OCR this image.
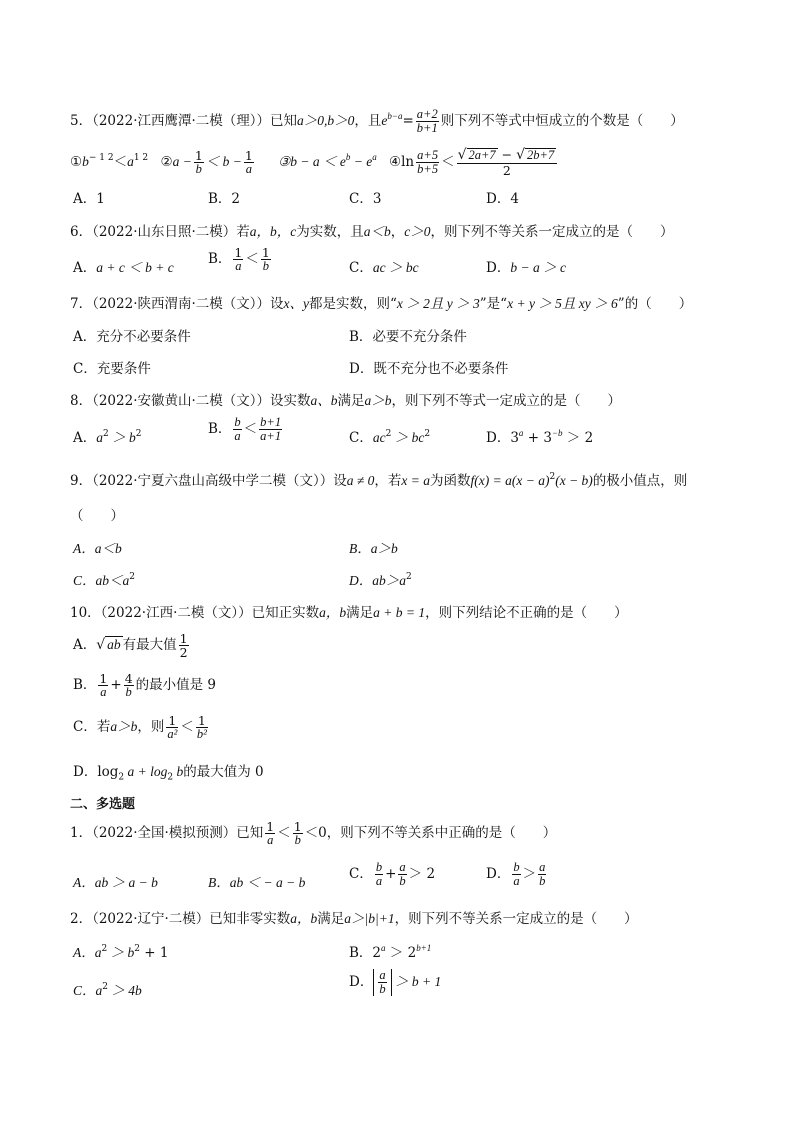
5．（2022·江西鹰潭·二模（理））已知a＞0,b＞0，且$e^{b-a}= \frac{a+2}{b+1}$ 则下列不等式中恒成立的个数是（　　）
$①b^{- 1 2}<a^{1 2}$ ②a − $\frac{1}{b} < b - \frac{1}{a}$ ③b − $a < e^b - e^a$ ④ln $\frac{a+5}{b+5} < \frac{√ 2a+7 - √ 2b+7}{2}$
A．1	B．2	C．3	D．4
6．（2022·山东日照·二模）若a，b，c为实数，且a＜b，c＞0，则下列不等关系一定成立的是（　　）
A．a + c ＜ b + c
B． $\frac{1}{a} < \frac{1}{b}$	C．ac ＞ bc	D．b − a ＞ c
7．（2022·陕西渭南·二模（文））设x、y都是实数，则“x ＞ 2且 y ＞ 3”是“x + y ＞ 5且 xy ＞ 6”的（　　）
A．充分不必要条件	B．必要不充分条件
C．充要条件	D．既不充分也不必要条件
8．（2022·安徽黄山·二模（文））设实数a、b满足a＞b，则下列不等式一定成立的是（　　）
A．$a^2 > b^2$	B． $\frac{b}{a} < \frac{b+1}{a+1}$	C．$ac^2 > bc^2$	D．$3^a + 3^{-b} > 2$
9．（2022·宁夏六盘山高级中学二模（文））设a ≠ 0，若x = a为函数$f(x) = a(x - a)^2(x - b)$的极小值点，则
（　　）
A．a＜b	B．a＞b
C．$ab<a^2$	D．$ab>a^2$
10．（2022·江西·二模（文））已知正实数a，b满足a + b = 1，则下列结论不正确的是（　　）
A．√ ab 有最大值 $\frac{1}{2}$
B． $\frac{1}{a} + \frac{4}{b}$ 的最小值是 9
C．若a＞b，则 $\frac{1}{\text{a²}} < \frac{1}{\text{b²}}$
D．$\log_2 a + \log_2 b$的最大值为 0
二、多选题
1．（2022·全国·模拟预测）已知 $\frac{1}{a} < \frac{1}{b} <0$，则下列不等关系中正确的是（　　）
A．ab ＞ a − b	B．ab ＜ − a − b
C． $\frac{b}{a} + \frac{a}{b} > 2$	D． $\frac{b}{a} > \frac{a}{b}$
2．（2022·辽宁·二模）已知非零实数a，b满足a＞|b|+1，则下列不等关系一定成立的是（　　）
A．$a^2 > b^2 + 1$	B．$2^a > 2^{b+1}$
C．$a^2 > 4b$
D． $\frac{a}{b} > b + 1$
